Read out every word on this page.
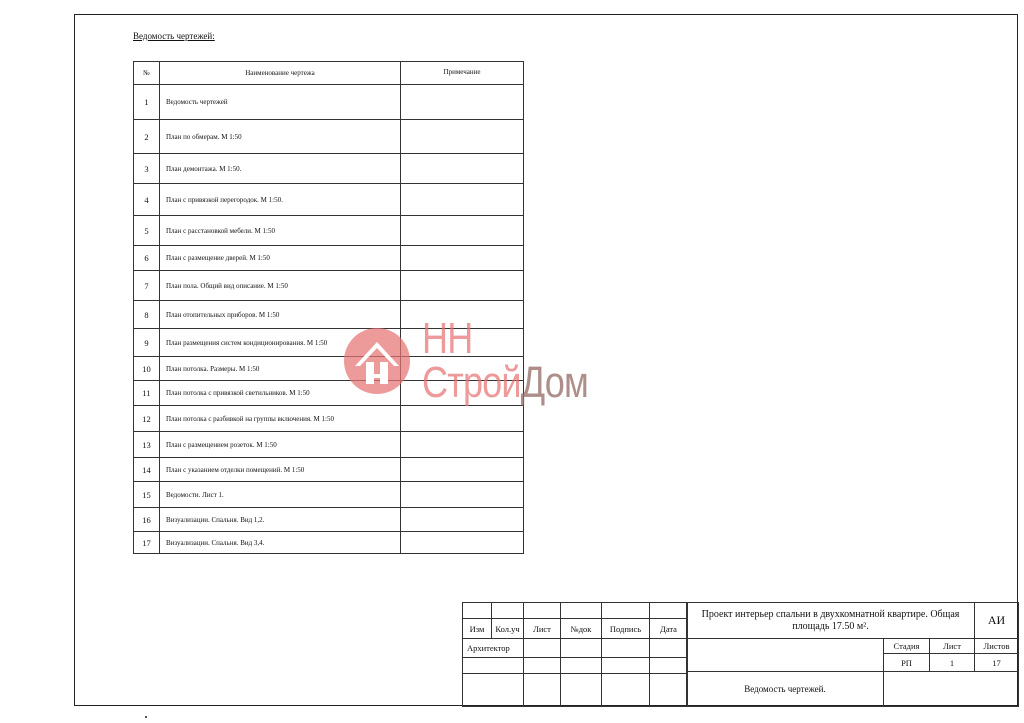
Ведомость чертежей:
№	Наименование чертежа	Примечание
1	Ведомость чертежей	
2	План по обмерам. М 1:50	
3	План демонтажа. М 1:50.	
4	План с привязкой перегородок. М 1:50.	
5	План с расстановкой мебели. М 1:50	
6	План с размещение дверей. М 1:50	
7	План пола. Общий вид описание. М 1:50	
8	План отопительных приборов. М 1:50	
9	План размещения систем кондиционирования. М 1:50	
10	План потолка. Размеры. М 1:50	
11	План потолка с привязкой светильников. М 1:50	
12	План потолка с разбивкой на группы включения. М 1:50	
13	План с размещением розеток. М 1:50	
14	План с указанием отделки помещений. М 1:50	
15	Ведомости. Лист 1.	
16	Визуализации. Спальня. Вид 1,2.	
17	Визуализации. Спальня. Вид 3,4.	
НН СтройДом

Изм	Кол.уч	Лист	№док	Подпись	Дата
Архитектор					

Проект интерьер спальни в двухкомнатной квартире. Общая площадь 17.50 м².			АИ
	Стадия	Лист	Листов
	РП	1	17
Ведомость чертежей.			
